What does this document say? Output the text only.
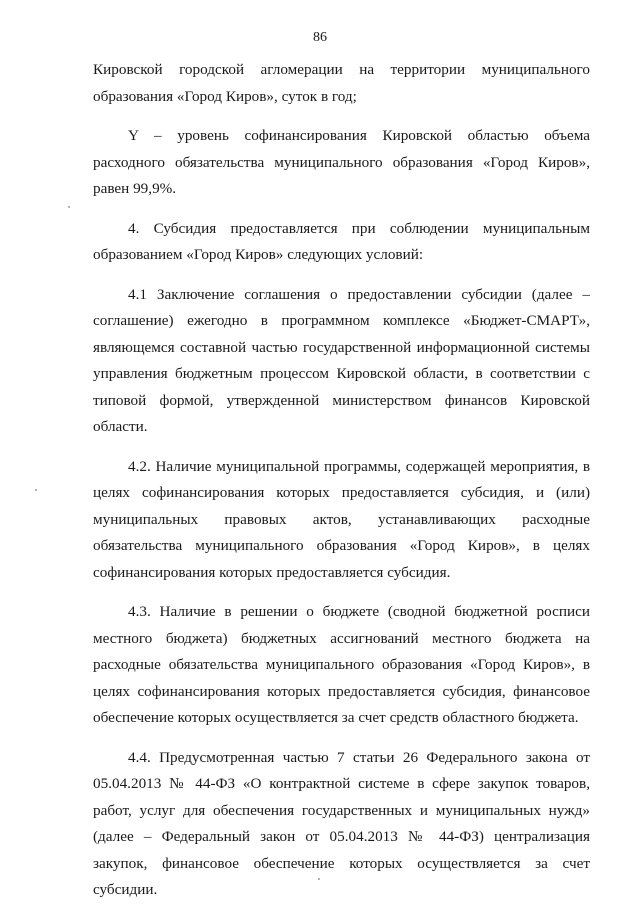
86

Кировской городской агломерации на территории муниципального образования «Город Киров», суток в год;

Y – уровень софинансирования Кировской областью объема расходного обязательства муниципального образования «Город Киров», равен 99,9%.

4. Субсидия предоставляется при соблюдении муниципальным образованием «Город Киров» следующих условий:

4.1 Заключение соглашения о предоставлении субсидии (далее – соглашение) ежегодно в программном комплексе «Бюджет-СМАРТ», являющемся составной частью государственной информационной системы управления бюджетным процессом Кировской области, в соответствии с типовой формой, утвержденной министерством финансов Кировской области.

4.2. Наличие муниципальной программы, содержащей мероприятия, в целях софинансирования которых предоставляется субсидия, и (или) муниципальных правовых актов, устанавливающих расходные обязательства муниципального образования «Город Киров», в целях софинансирования которых предоставляется субсидия.

4.3. Наличие в решении о бюджете (сводной бюджетной росписи местного бюджета) бюджетных ассигнований местного бюджета на расходные обязательства муниципального образования «Город Киров», в целях софинансирования которых предоставляется субсидия, финансовое обеспечение которых осуществляется за счет средств областного бюджета.

4.4. Предусмотренная частью 7 статьи 26 Федерального закона от 05.04.2013 № 44-ФЗ «О контрактной системе в сфере закупок товаров, работ, услуг для обеспечения государственных и муниципальных нужд» (далее – Федеральный закон от 05.04.2013 № 44-ФЗ) централизация закупок, финансовое обеспечение которых осуществляется за счет субсидии.
